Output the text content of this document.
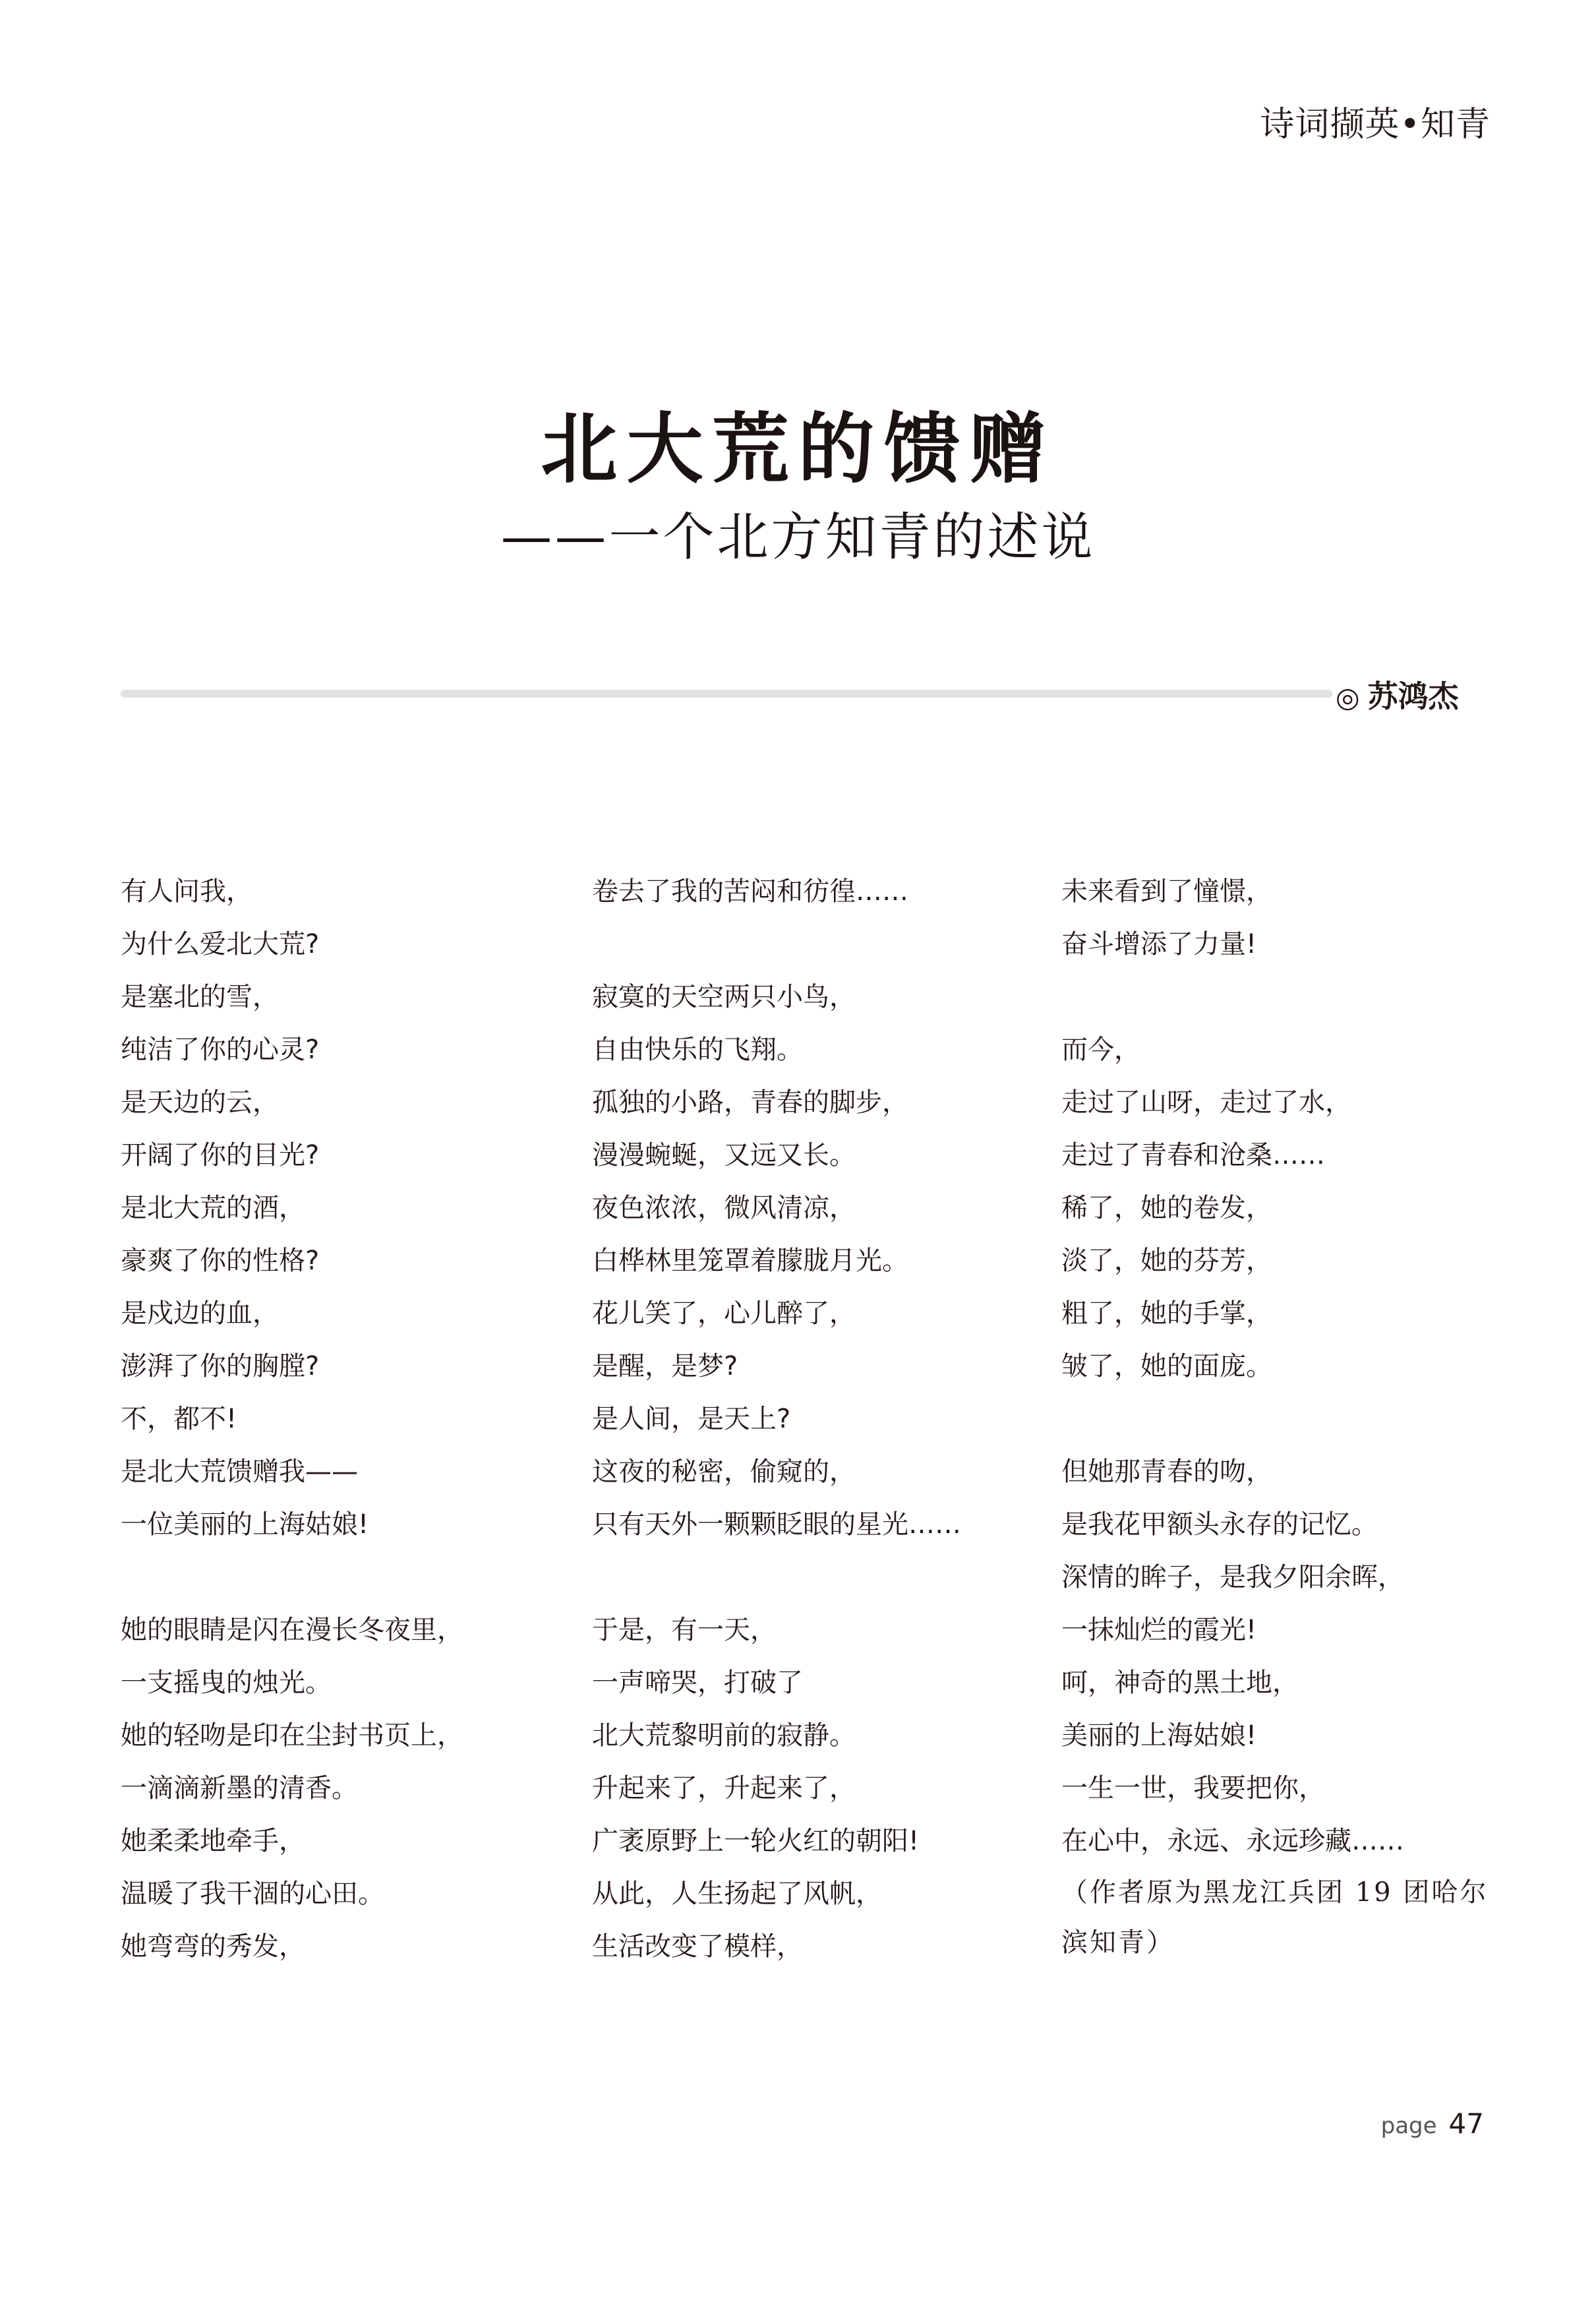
诗词撷英•知青
北大荒的馈赠
——一个北方知青的述说
◎ 苏鸿杰
有人问我，
为什么爱北大荒?
是塞北的雪，
纯洁了你的心灵?
是天边的云，
开阔了你的目光?
是北大荒的酒，
豪爽了你的性格?
是戍边的血，
澎湃了你的胸膛?
不，都不!
是北大荒馈赠我——
一位美丽的上海姑娘!
她的眼睛是闪在漫长冬夜里，
一支摇曳的烛光。
她的轻吻是印在尘封书页上，
一滴滴新墨的清香。
她柔柔地牵手，
温暖了我干涸的心田。
她弯弯的秀发，
卷去了我的苦闷和彷徨……
寂寞的天空两只小鸟，
自由快乐的飞翔。
孤独的小路，青春的脚步，
漫漫蜿蜒，又远又长。
夜色浓浓，微风清凉，
白桦林里笼罩着朦胧月光。
花儿笑了，心儿醉了，
是醒，是梦?
是人间，是天上?
这夜的秘密，偷窥的，
只有天外一颗颗眨眼的星光……
于是，有一天，
一声啼哭，打破了
北大荒黎明前的寂静。
升起来了，升起来了，
广袤原野上一轮火红的朝阳!
从此，人生扬起了风帆，
生活改变了模样，
未来看到了憧憬，
奋斗增添了力量!
而今，
走过了山呀，走过了水，
走过了青春和沧桑……
稀了，她的卷发，
淡了，她的芬芳，
粗了，她的手掌，
皱了，她的面庞。
但她那青春的吻，
是我花甲额头永存的记忆。
深情的眸子，是我夕阳余晖，
一抹灿烂的霞光!
呵，神奇的黑土地，
美丽的上海姑娘!
一生一世，我要把你，
在心中，永远、永远珍藏……
（作者原为黑龙江兵团 19 团哈尔滨知青）
page 47
